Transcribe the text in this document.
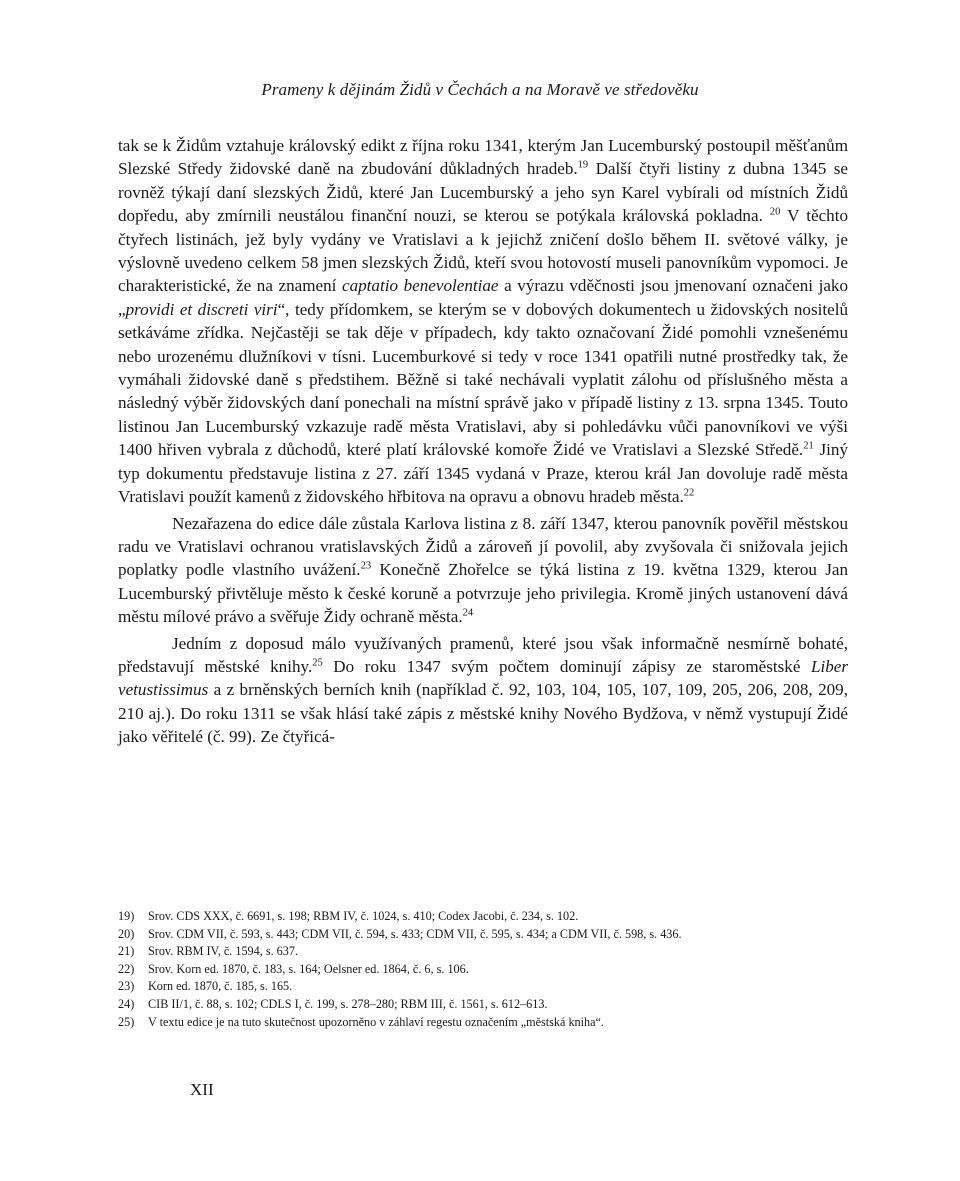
Prameny k dějinám Židů v Čechách a na Moravě ve středověku

tak se k Židům vztahuje královský edikt z října roku 1341, kterým Jan Lucemburský postoupil měšťanům Slezské Středy židovské daně na zbudování důkladných hradeb.$^{19}$ Další čtyři listiny z dubna 1345 se rovněž týkají daní slezských Židů, které Jan Lucemburský a jeho syn Karel vybírali od místních Židů dopředu, aby zmírnili neustálou finanční nouzi, se kterou se potýkala královská pokladna. $^{20}$ V těchto čtyřech listinách, jež byly vydány ve Vratislavi a k jejichž zničení došlo během II. světové války, je výslovně uvedeno celkem 58 jmen slezských Židů, kteří svou hotovostí museli panovníkům vypomoci. Je charakteristické, že na znamení captatio benevolentiae a výrazu vděčnosti jsou jmenovaní označeni jako „providi et discreti viri“, tedy přídomkem, se kterým se v dobových dokumentech u židovských nositelů setkáváme zřídka. Nejčastěji se tak děje v případech, kdy takto označovaní Židé pomohli vznešenému nebo urozenému dlužníkovi v tísni. Lucemburkové si tedy v roce 1341 opatřili nutné prostředky tak, že vymáhali židovské daně s předstihem. Běžně si také nechávali vyplatit zálohu od příslušného města a následný výběr židovských daní ponechali na místní správě jako v případě listiny z 13. srpna 1345. Touto listinou Jan Lucemburský vzkazuje radě města Vratislavi, aby si pohledávku vůči panovníkovi ve výši 1400 hřiven vybrala z důchodů, které platí královské komoře Židé ve Vratislavi a Slezské Středě.$^{21}$ Jiný typ dokumentu představuje listina z 27. září 1345 vydaná v Praze, kterou král Jan dovoluje radě města Vratislavi použít kamenů z židovského hřbitova na opravu a obnovu hradeb města.$^{22}$

Nezařazena do edice dále zůstala Karlova listina z 8. září 1347, kterou panovník pověřil městskou radu ve Vratislavi ochranou vratislavských Židů a zároveň jí povolil, aby zvyšovala či snižovala jejich poplatky podle vlastního uvážení.$^{23}$ Konečně Zhořelce se týká listina z 19. května 1329, kterou Jan Lucemburský přivtěluje město k české koruně a potvrzuje jeho privilegia. Kromě jiných ustanovení dává městu mílové právo a svěřuje Židy ochraně města.$^{24}$

Jedním z doposud málo využívaných pramenů, které jsou však informačně nesmírně bohaté, představují městské knihy.$^{25}$ Do roku 1347 svým počtem dominují zápisy ze staroměstské Liber vetustissimus a z brněnských berních knih (například č. 92, 103, 104, 105, 107, 109, 205, 206, 208, 209, 210 aj.). Do roku 1311 se však hlásí také zápis z městské knihy Nového Bydžova, v němž vystupují Židé jako věřitelé (č. 99). Ze čtyřicá-

19)	Srov. CDS XXX, č. 6691, s. 198; RBM IV, č. 1024, s. 410; Codex Jacobi, č. 234, s. 102.
20)	Srov. CDM VII, č. 593, s. 443; CDM VII, č. 594, s. 433; CDM VII, č. 595, s. 434; a CDM VII, č. 598, s. 436.
21)	Srov. RBM IV, č. 1594, s. 637.
22)	Srov. Korn ed. 1870, č. 183, s. 164; Oelsner ed. 1864, č. 6, s. 106.
23)	Korn ed. 1870, č. 185, s. 165.
24)	CIB II/1, č. 88, s. 102; CDLS I, č. 199, s. 278–280; RBM III, č. 1561, s. 612–613.
25)	V textu edice je na tuto skutečnost upozorněno v záhlaví regestu označením „městská kniha“.
XII
